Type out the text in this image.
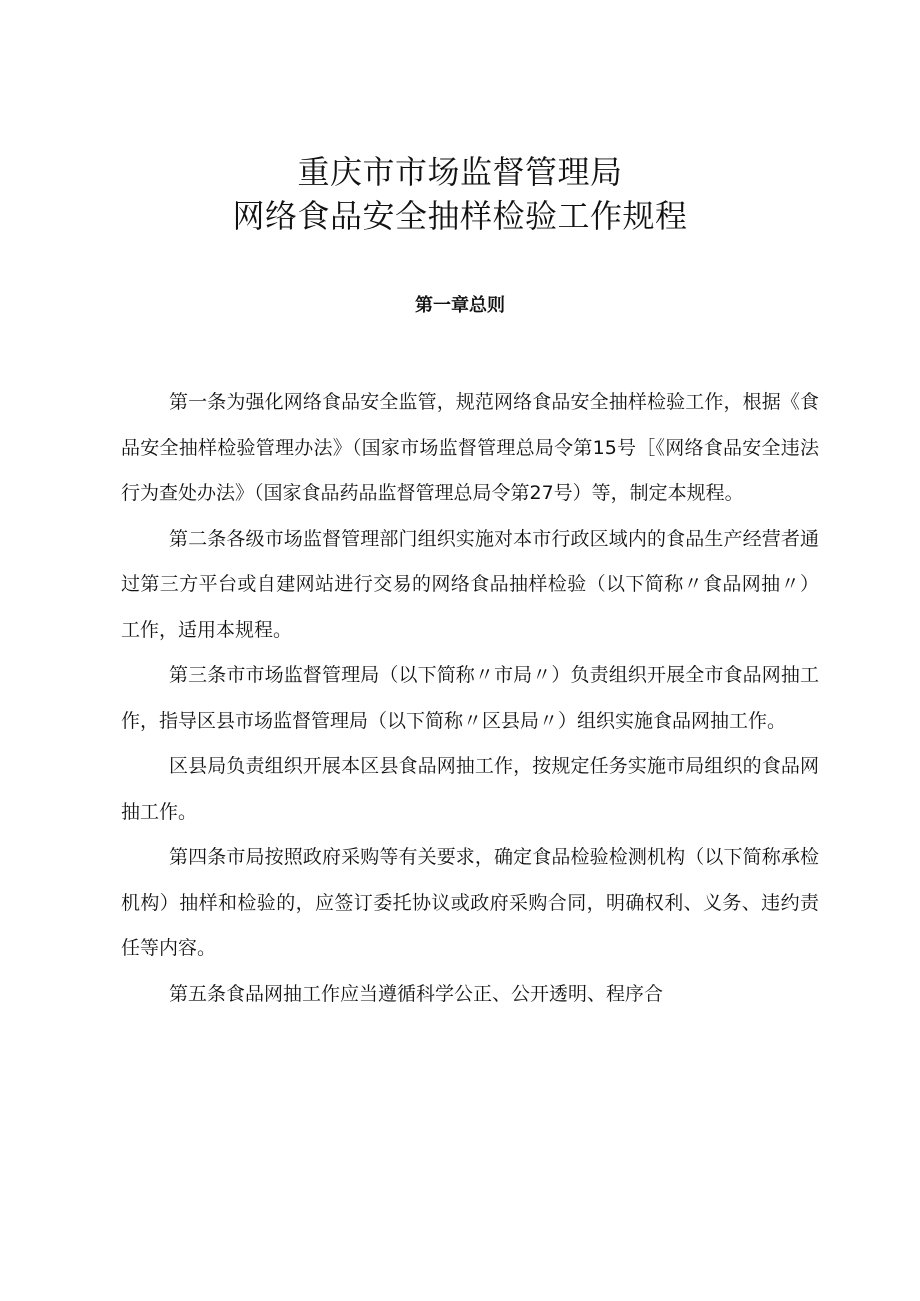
重庆市市场监督管理局
网络食品安全抽样检验工作规程
第一章总则

第一条为强化网络食品安全监管，规范网络食品安全抽样检验工作，根据《食品安全抽样检验管理办法》（国家市场监督管理总局令第15号［《网络食品安全违法行为查处办法》（国家食品药品监督管理总局令第27号）等，制定本规程。

第二条各级市场监督管理部门组织实施对本市行政区域内的食品生产经营者通过第三方平台或自建网站进行交易的网络食品抽样检验（以下简称〃食品网抽〃）工作，适用本规程。

第三条市市场监督管理局（以下简称〃市局〃）负责组织开展全市食品网抽工作，指导区县市场监督管理局（以下简称〃区县局〃）组织实施食品网抽工作。

区县局负责组织开展本区县食品网抽工作，按规定任务实施市局组织的食品网抽工作。

第四条市局按照政府采购等有关要求，确定食品检验检测机构（以下简称承检机构）抽样和检验的，应签订委托协议或政府采购合同，明确权利、义务、违约责任等内容。

第五条食品网抽工作应当遵循科学公正、公开透明、程序合
